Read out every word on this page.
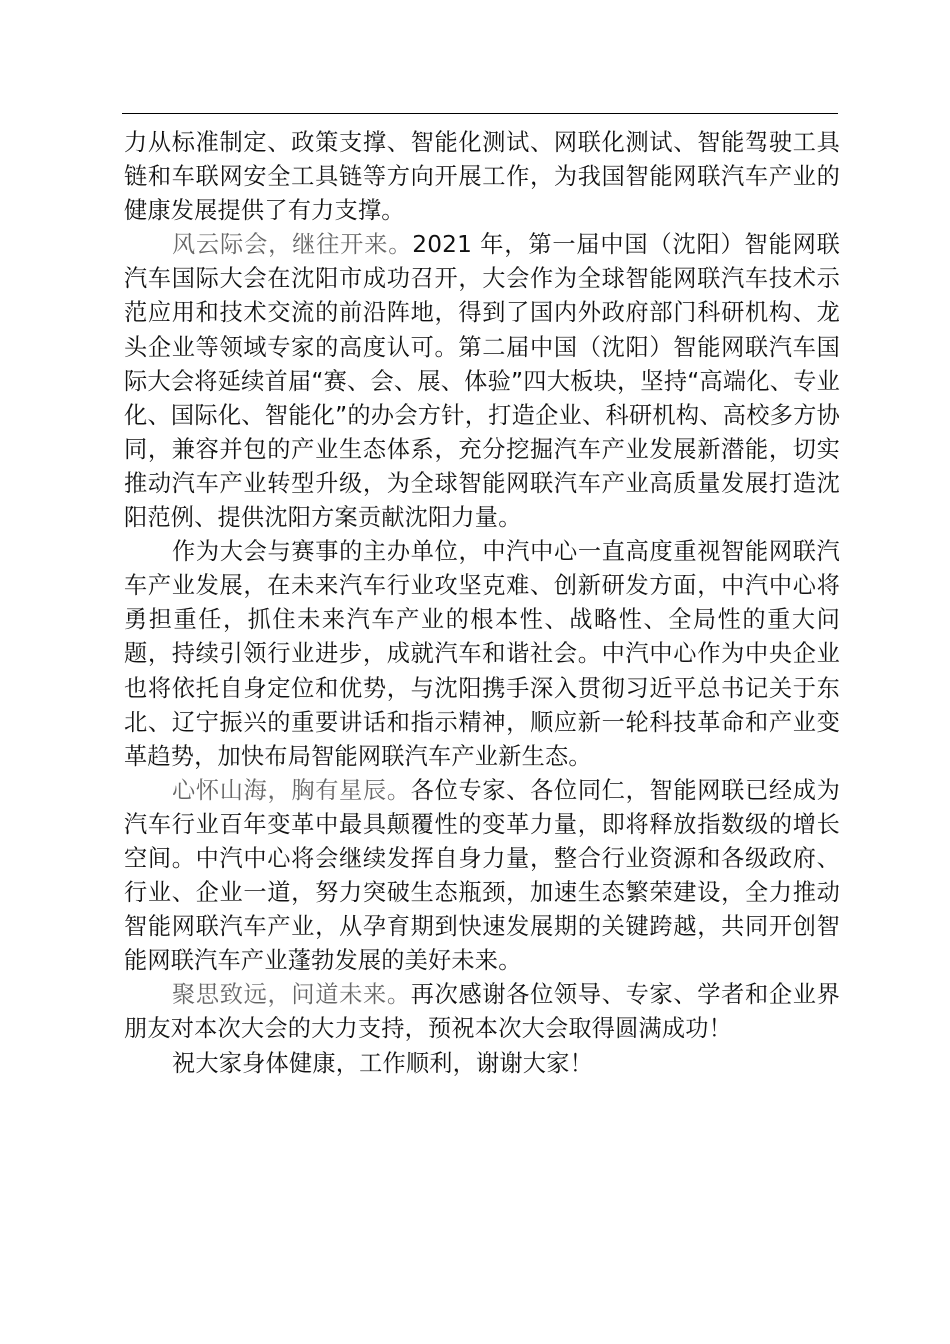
力从标准制定、政策支撑、智能化测试、网联化测试、智能驾驶工具链和车联网安全工具链等方向开展工作，为我国智能网联汽车产业的健康发展提供了有力支撑。

风云际会，继往开来。2021 年，第一届中国（沈阳）智能网联汽车国际大会在沈阳市成功召开，大会作为全球智能网联汽车技术示范应用和技术交流的前沿阵地，得到了国内外政府部门科研机构、龙头企业等领域专家的高度认可。第二届中国（沈阳）智能网联汽车国际大会将延续首届“赛、会、展、体验”四大板块，坚持“高端化、专业化、国际化、智能化”的办会方针，打造企业、科研机构、高校多方协同，兼容并包的产业生态体系，充分挖掘汽车产业发展新潜能，切实推动汽车产业转型升级，为全球智能网联汽车产业高质量发展打造沈阳范例、提供沈阳方案贡献沈阳力量。

作为大会与赛事的主办单位，中汽中心一直高度重视智能网联汽车产业发展，在未来汽车行业攻坚克难、创新研发方面，中汽中心将勇担重任，抓住未来汽车产业的根本性、战略性、全局性的重大问题，持续引领行业进步，成就汽车和谐社会。中汽中心作为中央企业也将依托自身定位和优势，与沈阳携手深入贯彻习近平总书记关于东北、辽宁振兴的重要讲话和指示精神，顺应新一轮科技革命和产业变革趋势，加快布局智能网联汽车产业新生态。

心怀山海，胸有星辰。各位专家、各位同仁，智能网联已经成为汽车行业百年变革中最具颠覆性的变革力量，即将释放指数级的增长空间。中汽中心将会继续发挥自身力量，整合行业资源和各级政府、行业、企业一道，努力突破生态瓶颈，加速生态繁荣建设，全力推动智能网联汽车产业，从孕育期到快速发展期的关键跨越，共同开创智能网联汽车产业蓬勃发展的美好未来。

聚思致远，问道未来。再次感谢各位领导、专家、学者和企业界朋友对本次大会的大力支持，预祝本次大会取得圆满成功！

祝大家身体健康，工作顺利，谢谢大家！
